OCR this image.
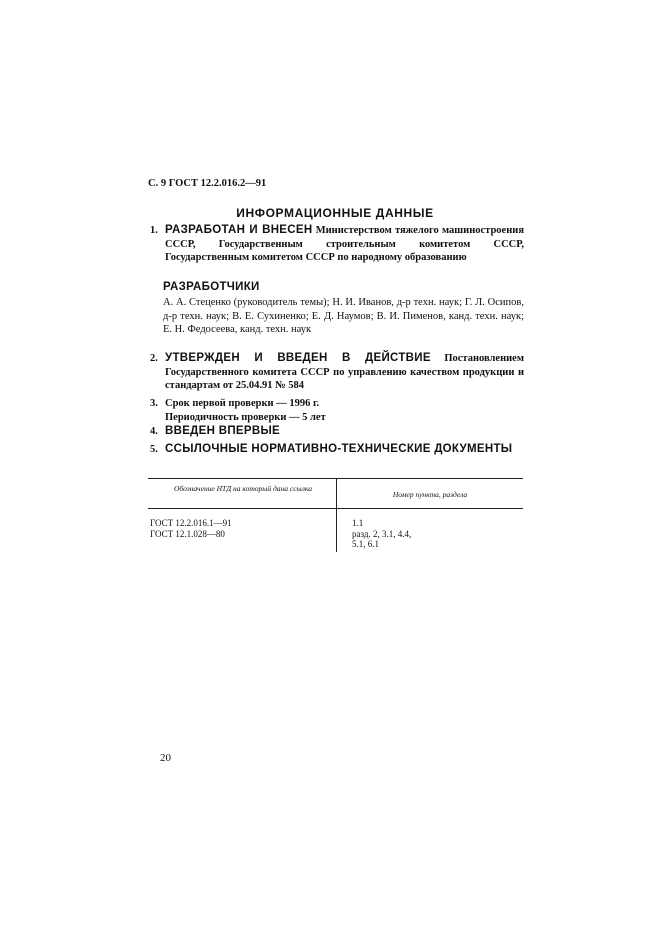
С. 9 ГОСТ 12.2.016.2—91
ИНФОРМАЦИОННЫЕ ДАННЫЕ
1. РАЗРАБОТАН И ВНЕСЕН Министерством тяжелого машиностроения СССР, Государственным строительным комитетом СССР, Государственным комитетом СССР по народному образованию
РАЗРАБОТЧИКИ
А. А. Стеценко (руководитель темы); Н. И. Иванов, д-р техн. наук; Г. Л. Осипов, д-р техн. наук; В. Е. Сухиненко; Е. Д. Наумов; В. И. Пименов, канд. техн. наук; Е. Н. Федосеева, канд. техн. наук
2. УТВЕРЖДЕН И ВВЕДЕН В ДЕЙСТВИЕ Постановлением Государственного комитета СССР по управлению качеством продукции и стандартам от 25.04.91 № 584
3. Срок первой проверки — 1996 г.
Периодичность проверки — 5 лет
4. ВВЕДЕН ВПЕРВЫЕ
5. ССЫЛОЧНЫЕ НОРМАТИВНО-ТЕХНИЧЕСКИЕ ДОКУМЕНТЫ
Обозначение НТД на который дана ссылка
Номер пункта, раздела
ГОСТ 12.2.016.1—91
ГОСТ 12.1.028—80
1.1
разд. 2, 3.1, 4.4,
5.1, 6.1
20
